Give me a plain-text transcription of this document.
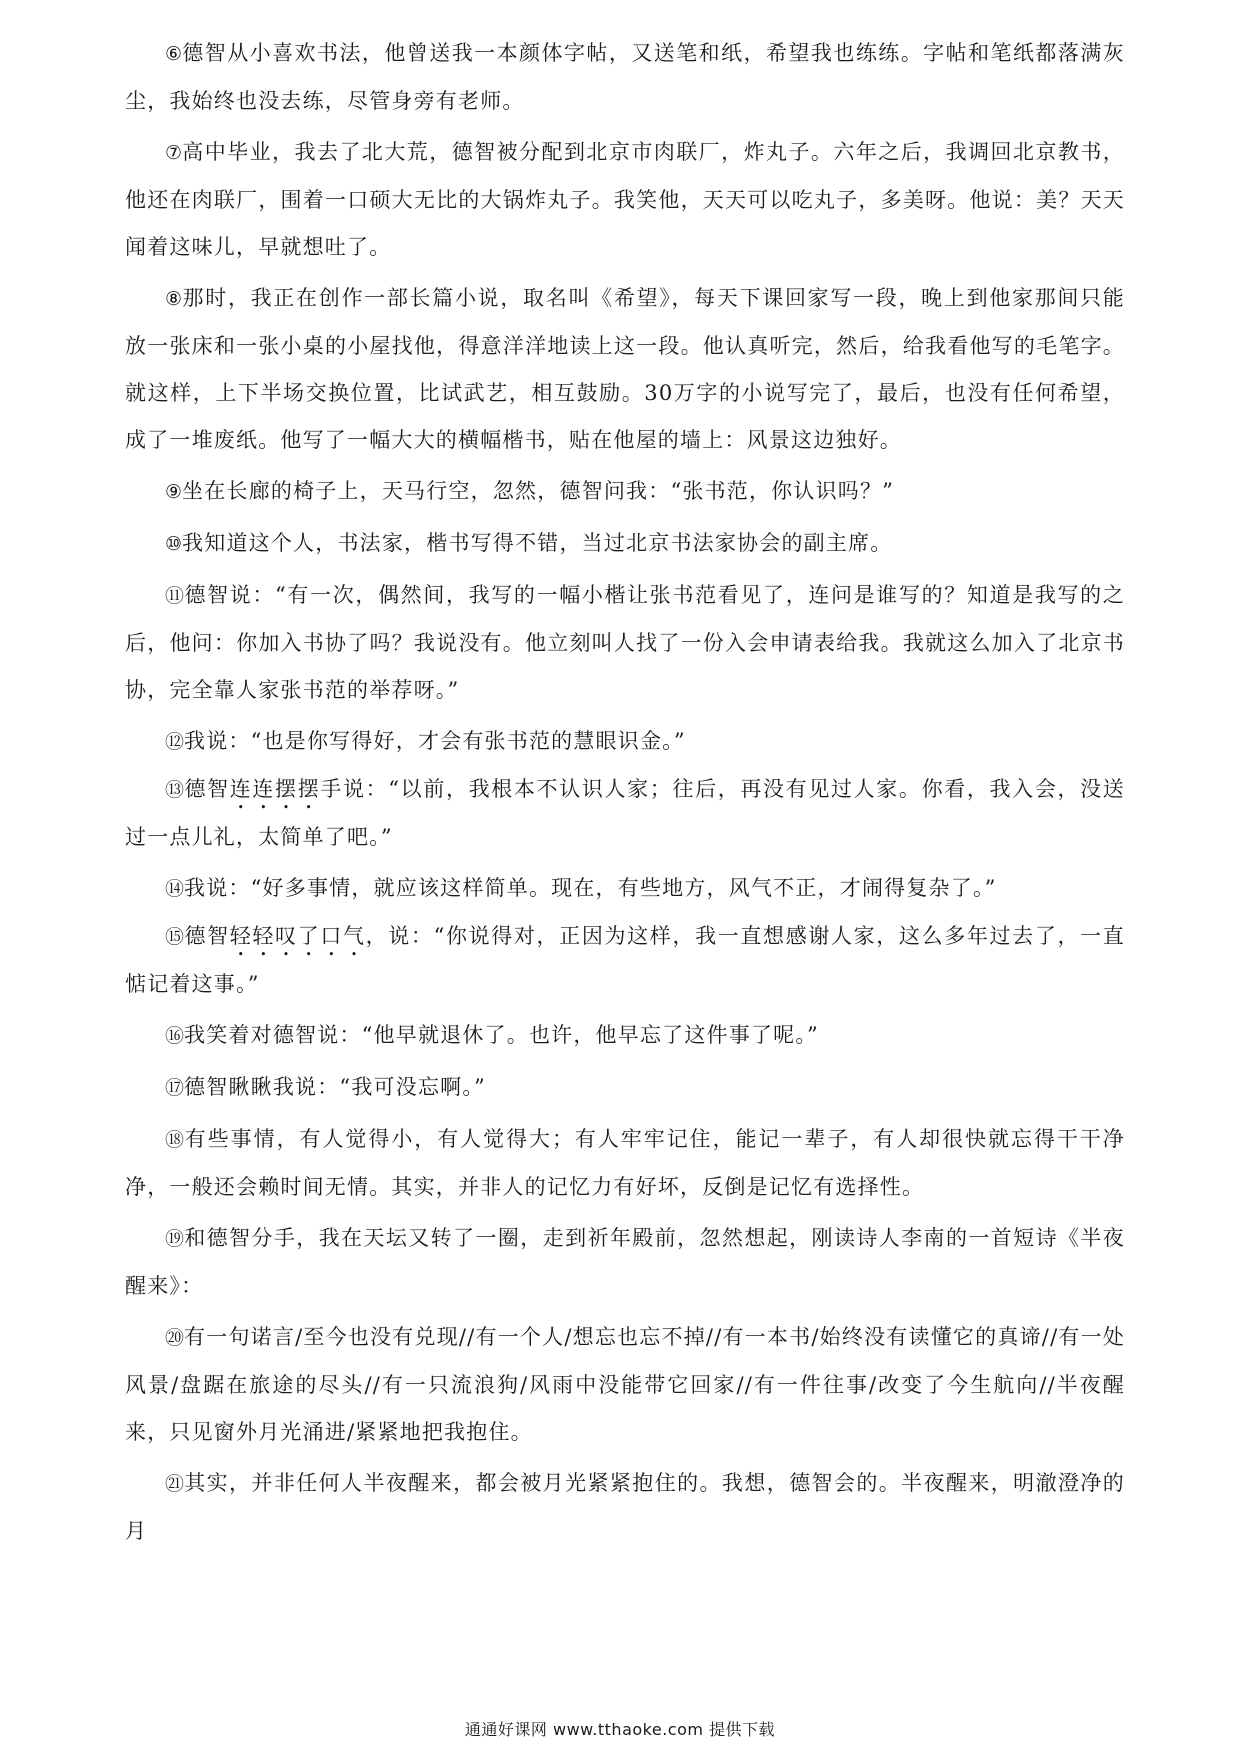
⑥德智从小喜欢书法，他曾送我一本颜体字帖，又送笔和纸，希望我也练练。字帖和笔纸都落满灰尘，我始终也没去练，尽管身旁有老师。

⑦高中毕业，我去了北大荒，德智被分配到北京市肉联厂，炸丸子。六年之后，我调回北京教书，他还在肉联厂，围着一口硕大无比的大锅炸丸子。我笑他，天天可以吃丸子，多美呀。他说：美？天天闻着这味儿，早就想吐了。

⑧那时，我正在创作一部长篇小说，取名叫《希望》，每天下课回家写一段，晚上到他家那间只能放一张床和一张小桌的小屋找他，得意洋洋地读上这一段。他认真听完，然后，给我看他写的毛笔字。就这样，上下半场交换位置，比试武艺，相互鼓励。30万字的小说写完了，最后，也没有任何希望，成了一堆废纸。他写了一幅大大的横幅楷书，贴在他屋的墙上：风景这边独好。

⑨坐在长廊的椅子上，天马行空，忽然，德智问我：“张书范，你认识吗？”

⑩我知道这个人，书法家，楷书写得不错，当过北京书法家协会的副主席。

⑪德智说：“有一次，偶然间，我写的一幅小楷让张书范看见了，连问是谁写的？知道是我写的之后，他问：你加入书协了吗？我说没有。他立刻叫人找了一份入会申请表给我。我就这么加入了北京书协，完全靠人家张书范的举荐呀。”

⑫我说：“也是你写得好，才会有张书范的慧眼识金。”

⑬德智连连摆摆手说：“以前，我根本不认识人家；往后，再没有见过人家。你看，我入会，没送过一点儿礼，太简单了吧。”

⑭我说：“好多事情，就应该这样简单。现在，有些地方，风气不正，才闹得复杂了。”

⑮德智轻轻叹了口气，说：“你说得对，正因为这样，我一直想感谢人家，这么多年过去了，一直惦记着这事。”

⑯我笑着对德智说：“他早就退休了。也许，他早忘了这件事了呢。”

⑰德智瞅瞅我说：“我可没忘啊。”

⑱有些事情，有人觉得小，有人觉得大；有人牢牢记住，能记一辈子，有人却很快就忘得干干净净，一般还会赖时间无情。其实，并非人的记忆力有好坏，反倒是记忆有选择性。

⑲和德智分手，我在天坛又转了一圈，走到祈年殿前，忽然想起，刚读诗人李南的一首短诗《半夜醒来》：

⑳有一句诺言/至今也没有兑现//有一个人/想忘也忘不掉//有一本书/始终没有读懂它的真谛//有一处风景/盘踞在旅途的尽头//有一只流浪狗/风雨中没能带它回家//有一件往事/改变了今生航向//半夜醒来，只见窗外月光涌进/紧紧地把我抱住。

㉑其实，并非任何人半夜醒来，都会被月光紧紧抱住的。我想，德智会的。半夜醒来，明澈澄净的月

通通好课网 www.tthaoke.com 提供下载
